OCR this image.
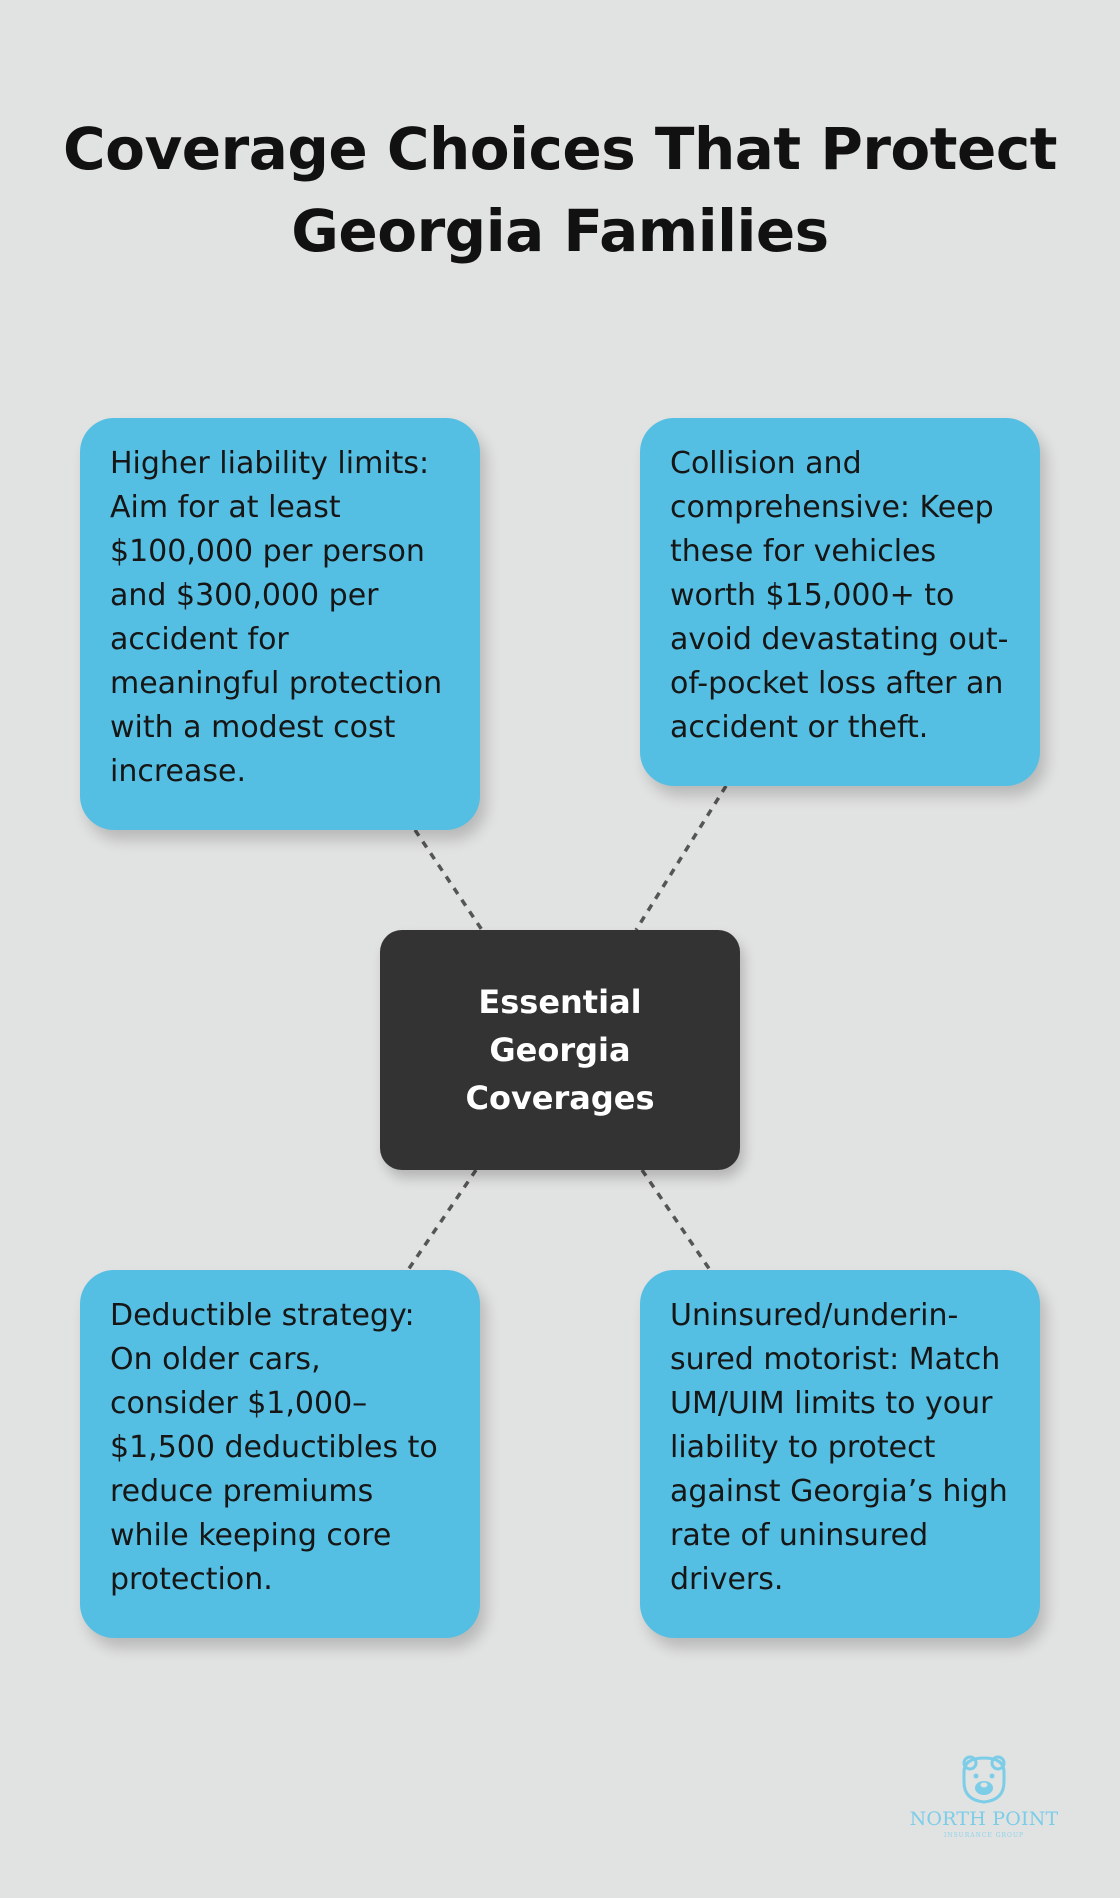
Coverage Choices That Protect Georgia Families
Higher liability limits: Aim for at least $100,000 per person and $300,000 per accident for meaningful protection with a modest cost increase.
Collision and comprehensive: Keep these for vehicles worth $15,000+ to avoid devastating out-of-pocket loss after an accident or theft.
Deductible strategy: On older cars, consider $1,000–$1,500 deductibles to reduce premiums while keeping core protection.
Uninsured/underin-sured motorist: Match UM/UIM limits to your liability to protect against Georgia’s high rate of uninsured drivers.
Essential Georgia Coverages
NORTH POINT
INSURANCE GROUP
